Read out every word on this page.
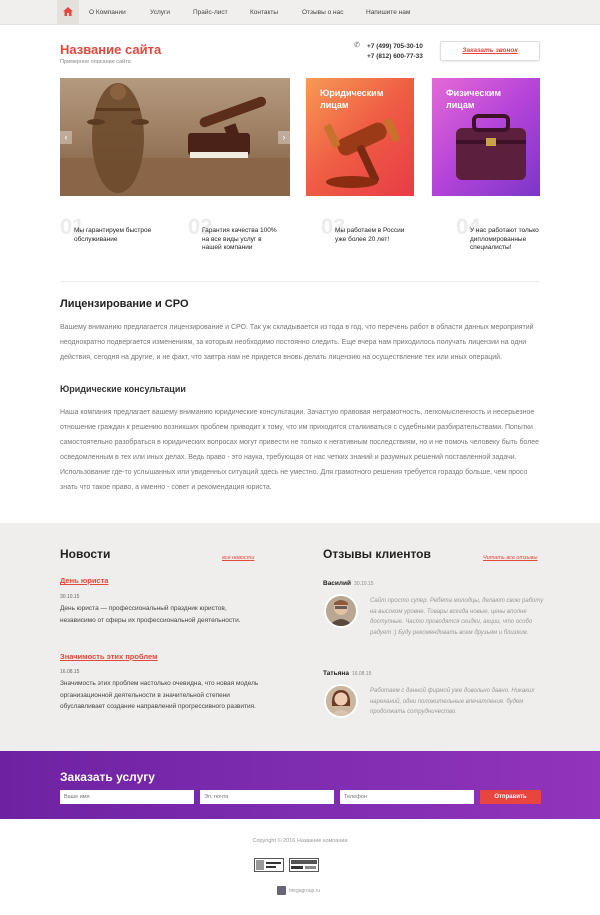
О Компании	Услуги	Прайс-лист	Контакты	Отзывы о нас	Напишите нам
Название сайта
Примерное описание сайта
✆	+7 (499) 705-30-10
+7 (812) 600-77-33
Заказать звонок
‹	›
Юридическим лицам
Физическим лицам
01
Мы гарантируем быстрое обслуживание	02
Гарантия качества 100% на все виды услуг в нашей компании
03
Мы работаем в России уже более 20 лет!	04
У нас работают только дипломированные специалисты!
Лицензирование и СРО

Вашему вниманию предлагается лицензирование и СРО. Так уж складывается из года в год, что перечень работ в области данных мероприятий неоднократно подвергается изменениям, за которым необходимо постоянно следить. Еще вчера нам приходилось получать лицензии на одни действия, сегодня на другие, и не факт, что завтра нам не придется вновь делать лицензию на осуществление тех или иных операций.

Юридические консультации

Наша компания предлагает вашему вниманию юридические консультации. Зачастую правовая неграмотность, легкомысленность и несерьезное отношение граждан к решению возникших проблем приводит к тому, что им приходится сталкиваться с судебными разбирательствами. Попытки самостоятельно разобраться в юридических вопросах могут привести не только к негативным последствиям, но и не помочь человеку быть более осведомленным в тех или иных делах. Ведь право - это наука, требующая от нас четких знаний и разумных решений поставленной задачи. Использование где-то услышанных или увиденных ситуаций здесь не уместно. Для грамотного решения требуется гораздо больше, чем просо знать что такое право, а именно - совет и рекомендация юриста.

Новости	все новости
День юриста
30.10.15
День юриста — профессиональный праздник юристов, независимо от сферы их профессиональной деятельности.
Значимость этих проблем
16.08.15
Значимость этих проблем настолько очевидна, что новая модель организационной деятельности в значительной степени обуславливает создание направлений прогрессивного развития.
Отзывы клиентов	Читать все отзывы
Василий 30.10.15
Сайт просто супер. Ребята молодцы, делают свою работу на высоком уровне. Товары всегда новые, цены вполне доступные. Часто проводятся скидки, акции, что особо радует :) Буду рекомендовать всем друзьям и близким.
Татьяна 16.08.15
Работаем с данной фирмой уже довольно давно. Никаких нареканий, одни положительные впечатления. будем продолжать сотрудничество.
Заказать услугу
Ваше имя
Эл. почта
Телефон
Отправить
Copyright © 2016 Название компании
megagroup.ru
